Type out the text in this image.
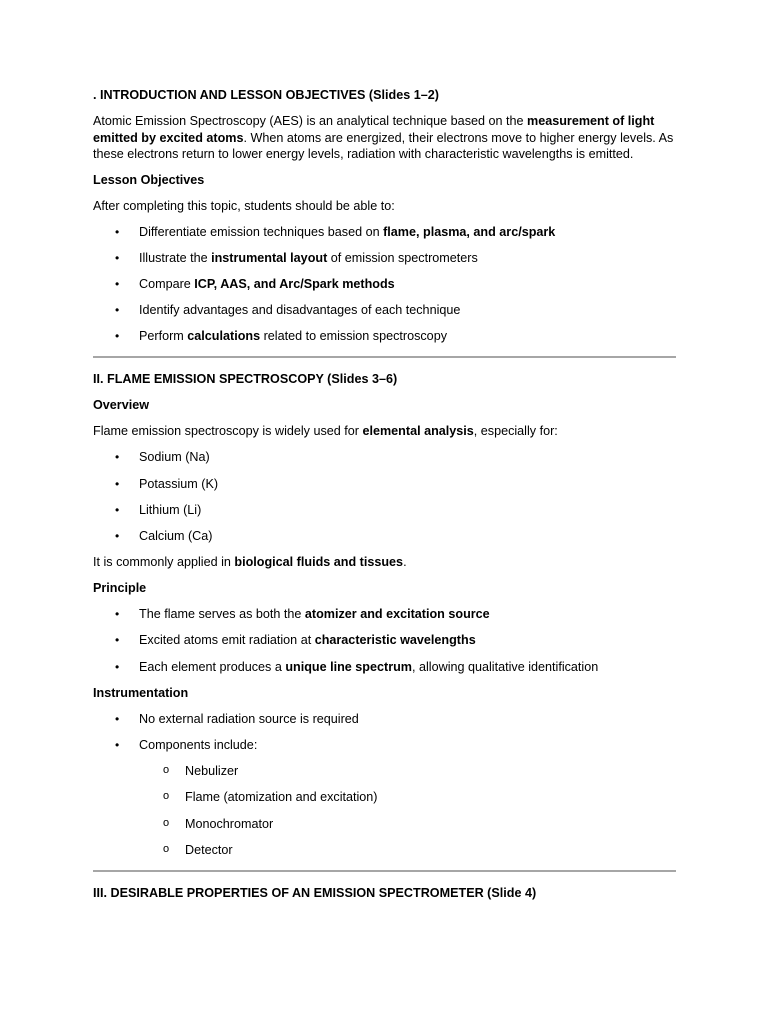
. INTRODUCTION AND LESSON OBJECTIVES (Slides 1–2)

Atomic Emission Spectroscopy (AES) is an analytical technique based on the measurement of light emitted by excited atoms. When atoms are energized, their electrons move to higher energy levels. As these electrons return to lower energy levels, radiation with characteristic wavelengths is emitted.

Lesson Objectives

After completing this topic, students should be able to:

• Differentiate emission techniques based on flame, plasma, and arc/spark
• Illustrate the instrumental layout of emission spectrometers
• Compare ICP, AAS, and Arc/Spark methods
• Identify advantages and disadvantages of each technique
• Perform calculations related to emission spectroscopy
II. FLAME EMISSION SPECTROSCOPY (Slides 3–6)
Overview

Flame emission spectroscopy is widely used for elemental analysis, especially for:

• Sodium (Na)
• Potassium (K)
• Lithium (Li)
• Calcium (Ca)

It is commonly applied in biological fluids and tissues.

Principle
• The flame serves as both the atomizer and excitation source
• Excited atoms emit radiation at characteristic wavelengths
• Each element produces a unique line spectrum, allowing qualitative identification
Instrumentation
• No external radiation source is required
• Components include:
o Nebulizer
o Flame (atomization and excitation)
o Monochromator
o Detector
III. DESIRABLE PROPERTIES OF AN EMISSION SPECTROMETER (Slide 4)
